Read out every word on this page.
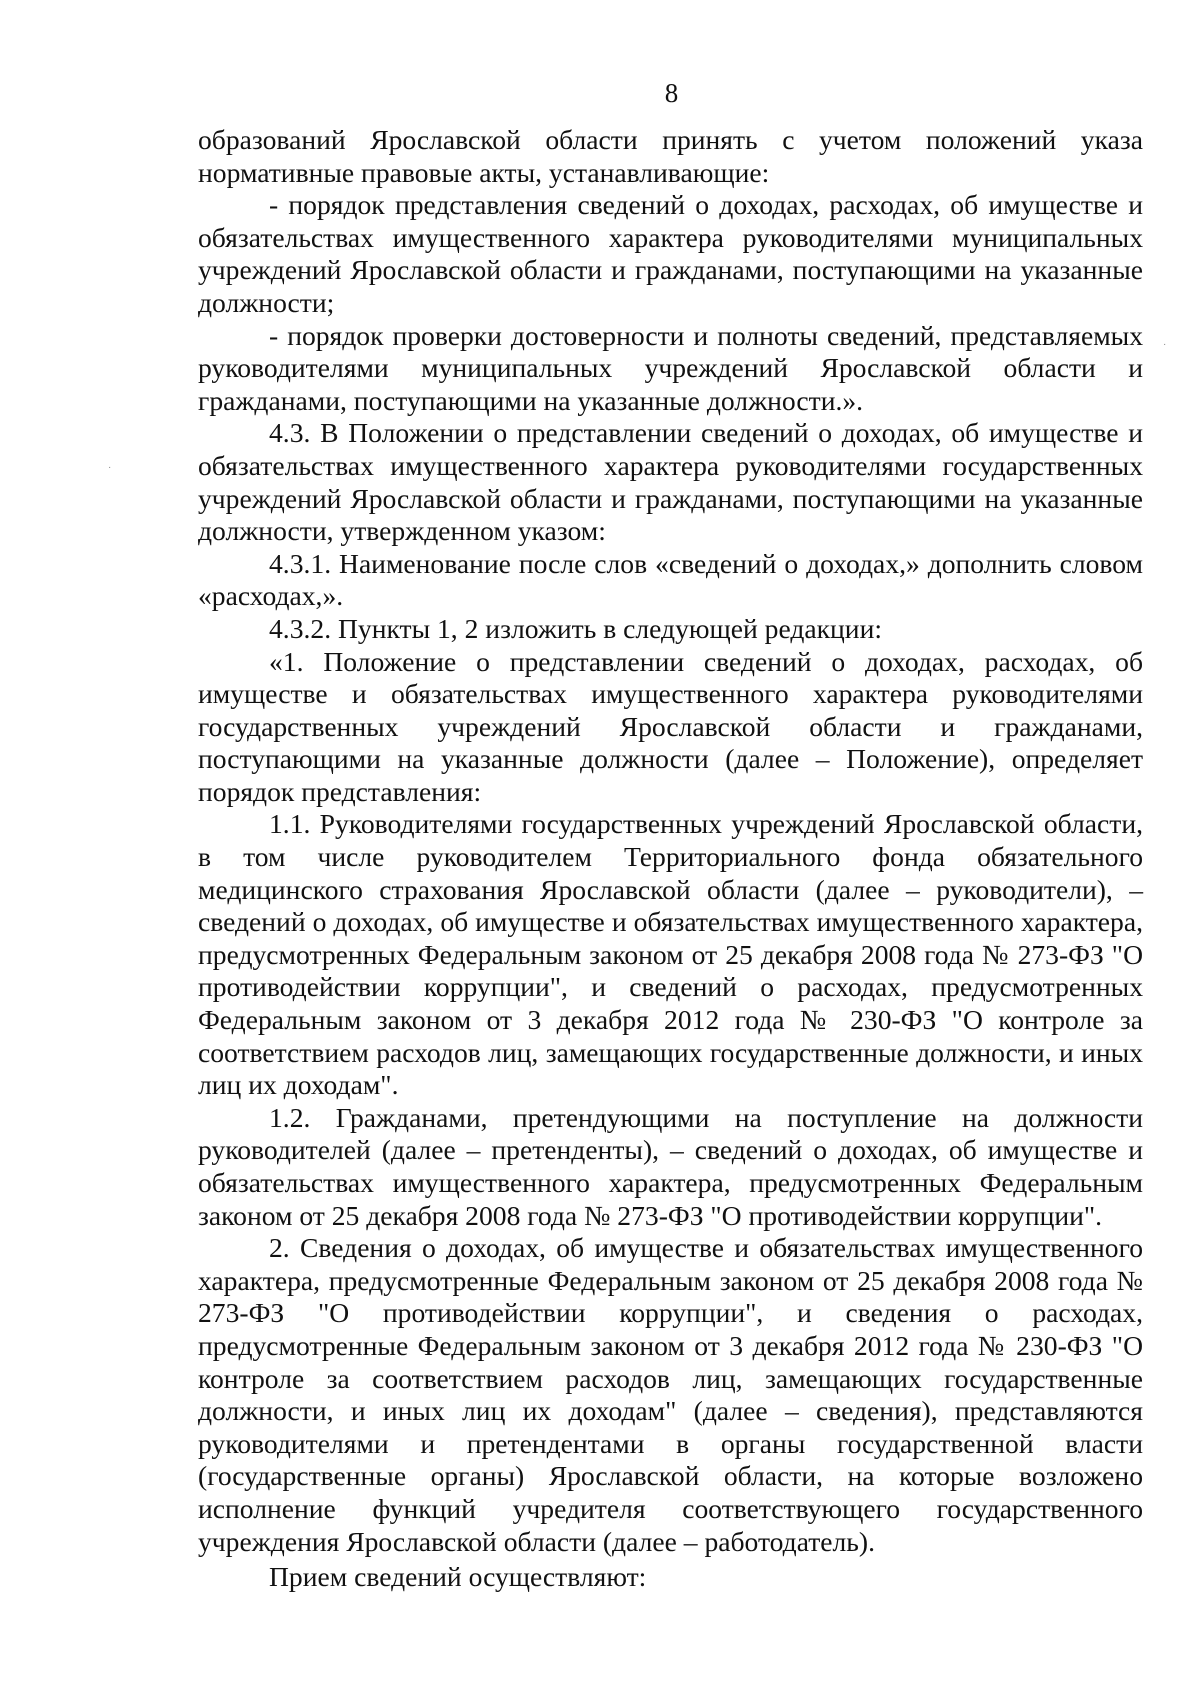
8

образований Ярославской области принять с учетом положений указа нормативные правовые акты, устанавливающие:

- порядок представления сведений о доходах, расходах, об имуществе и обязательствах имущественного характера руководителями муниципальных учреждений Ярославской области и гражданами, поступающими на указанные должности;

- порядок проверки достоверности и полноты сведений, представляемых руководителями муниципальных учреждений Ярославской области и гражданами, поступающими на указанные должности.».

4.3. В Положении о представлении сведений о доходах, об имуществе и обязательствах имущественного характера руководителями государственных учреждений Ярославской области и гражданами, поступающими на указанные должности, утвержденном указом:

4.3.1. Наименование после слов «сведений о доходах,» дополнить словом «расходах,».

4.3.2. Пункты 1, 2 изложить в следующей редакции:

«1. Положение о представлении сведений о доходах, расходах, об имуществе и обязательствах имущественного характера руководителями государственных учреждений Ярославской области и гражданами, поступающими на указанные должности (далее – Положение), определяет порядок представления:

1.1. Руководителями государственных учреждений Ярославской области, в том числе руководителем Территориального фонда обязательного медицинского страхования Ярославской области (далее – руководители), – сведений о доходах, об имуществе и обязательствах имущественного характера, предусмотренных Федеральным законом от 25 декабря 2008 года № 273-ФЗ "О противодействии коррупции", и сведений о расходах, предусмотренных Федеральным законом от 3 декабря 2012 года № 230-ФЗ "О контроле за соответствием расходов лиц, замещающих государственные должности, и иных лиц их доходам".

1.2. Гражданами, претендующими на поступление на должности руководителей (далее – претенденты), – сведений о доходах, об имуществе и обязательствах имущественного характера, предусмотренных Федеральным законом от 25 декабря 2008 года № 273-ФЗ "О противодействии коррупции".

2. Сведения о доходах, об имуществе и обязательствах имущественного характера, предусмотренные Федеральным законом от 25 декабря 2008 года № 273-ФЗ "О противодействии коррупции", и сведения о расходах, предусмотренные Федеральным законом от 3 декабря 2012 года № 230-ФЗ "О контроле за соответствием расходов лиц, замещающих государственные должности, и иных лиц их доходам" (далее – сведения), представляются руководителями и претендентами в органы государственной власти (государственные органы) Ярославской области, на которые возложено исполнение функций учредителя соответствующего государственного учреждения Ярославской области (далее – работодатель).

Прием сведений осуществляют:

·
·
